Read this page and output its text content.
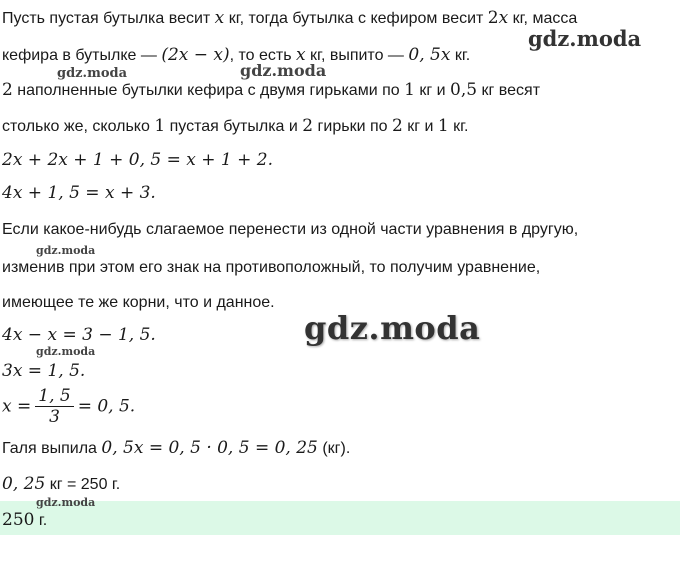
Пусть пустая бутылка весит x кг, тогда бутылка с кефиром весит 2x кг, масса
кефира в бутылке — (2x − x), то есть x кг, выпито — 0, 5x кг.
2 наполненные бутылки кефира с двумя гирьками по 1 кг и 0,5 кг весят
столько же, сколько 1 пустая бутылка и 2 гирьки по 2 кг и 1 кг.
2x + 2x + 1 + 0, 5 = x + 1 + 2.
4x + 1, 5 = x + 3.
Если какое-нибудь слагаемое перенести из одной части уравнения в другую,
изменив при этом его знак на противоположный, то получим уравнение,
имеющее те же корни, что и данное.
4x − x = 3 − 1, 5.
3x = 1, 5.
$x = \frac{1, 5}{3} = 0$, 5.
Галя выпила 0, 5x = 0, 5 · 0, 5 = 0, 25 (кг).
0, 25 кг = 250 г.
250 г.
gdz.moda
gdz.moda	gdz.moda
gdz.moda
gdz.moda
gdz.moda
gdz.moda
